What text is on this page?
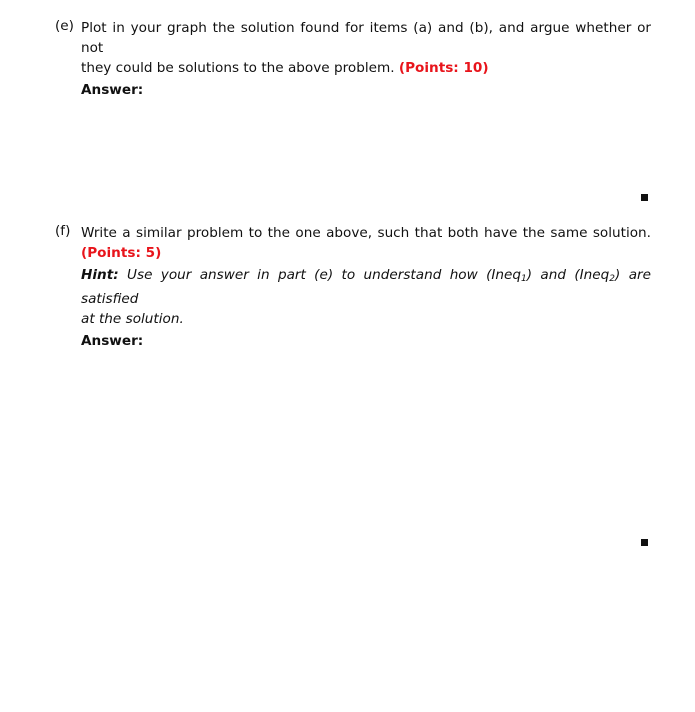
(e) Plot in your graph the solution found for items (a) and (b), and argue whether or not
they could be solutions to the above problem. (Points: 10)
Answer:
(f) Write a similar problem to the one above, such that both have the same solution.
(Points: 5)
Hint: Use your answer in part (e) to understand how (Ineq$_1$) and (Ineq$_2$) are satisfied
at the solution.
Answer:
